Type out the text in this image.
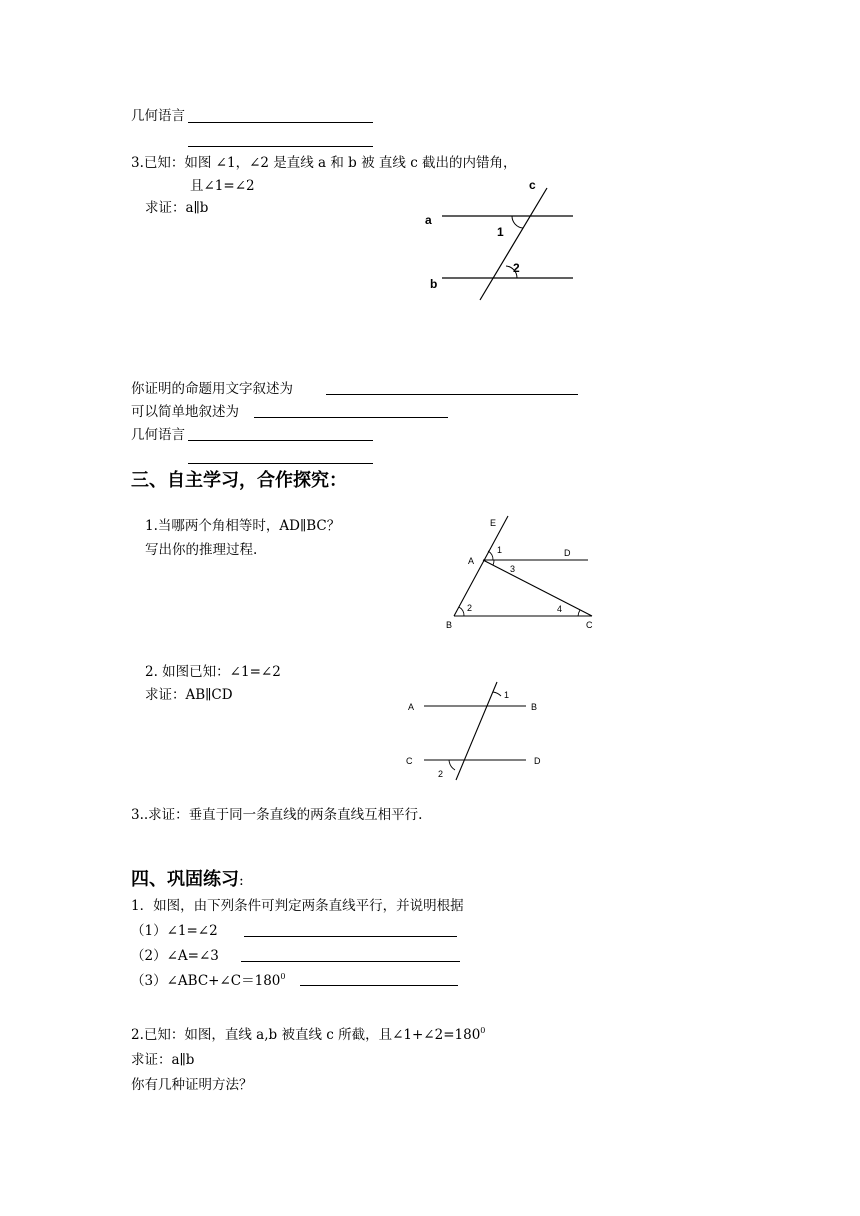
几何语言
3.已知：如图 ∠1，∠2 是直线 a 和 b 被 直线 c 截出的内错角，
且∠1=∠2
求证：a∥b
c
a
b
1
2
你证明的命题用文字叙述为
可以简单地叙述为
几何语言
三、自主学习，合作探究：
1.当哪两个角相等时，AD∥BC？
写出你的推理过程.
E
A
D
B	C
1
3
2	4
2. 如图已知：∠1=∠2
求证：AB∥CD
A	B
C	D
1
2
3..求证：垂直于同一条直线的两条直线互相平行.
四、巩固练习:
1．如图，由下列条件可判定两条直线平行，并说明根据
（1）∠1=∠2
（2）∠A=∠3
$(3)\angle ABC+\angle C=180^0$
2.已知：如图，直线 a,b 被直线 c 所截，且$\angle 1+\angle 2=180^0$
求证：a∥b
你有几种证明方法？
